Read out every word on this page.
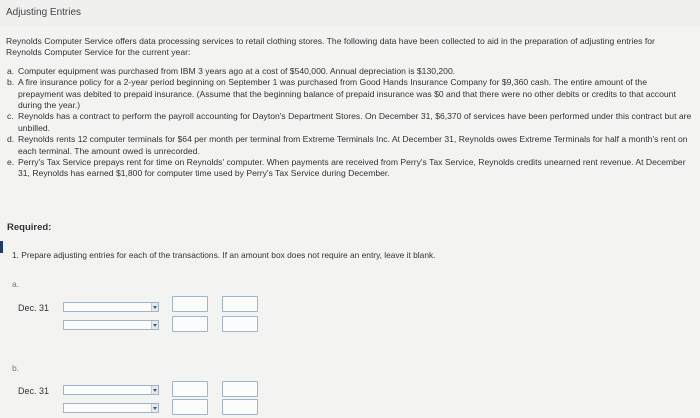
Adjusting Entries

Reynolds Computer Service offers data processing services to retail clothing stores. The following data have been collected to aid in the preparation of adjusting entries for Reynolds Computer Service for the current year:

a. Computer equipment was purchased from IBM 3 years ago at a cost of $540,000. Annual depreciation is $130,200.
b. A fire insurance policy for a 2-year period beginning on September 1 was purchased from Good Hands Insurance Company for $9,360 cash. The entire amount of the prepayment was debited to prepaid insurance. (Assume that the beginning balance of prepaid insurance was $0 and that there were no other debits or credits to that account during the year.)
c. Reynolds has a contract to perform the payroll accounting for Dayton's Department Stores. On December 31, $6,370 of services have been performed under this contract but are unbilled.
d. Reynolds rents 12 computer terminals for $64 per month per terminal from Extreme Terminals Inc. At December 31, Reynolds owes Extreme Terminals for half a month's rent on each terminal. The amount owed is unrecorded.
e. Perry's Tax Service prepays rent for time on Reynolds' computer. When payments are received from Perry's Tax Service, Reynolds credits unearned rent revenue. At December 31, Reynolds has earned $1,800 for computer time used by Perry's Tax Service during December.
Required:
1. Prepare adjusting entries for each of the transactions. If an amount box does not require an entry, leave it blank.
a.
Dec. 31
b.
Dec. 31
